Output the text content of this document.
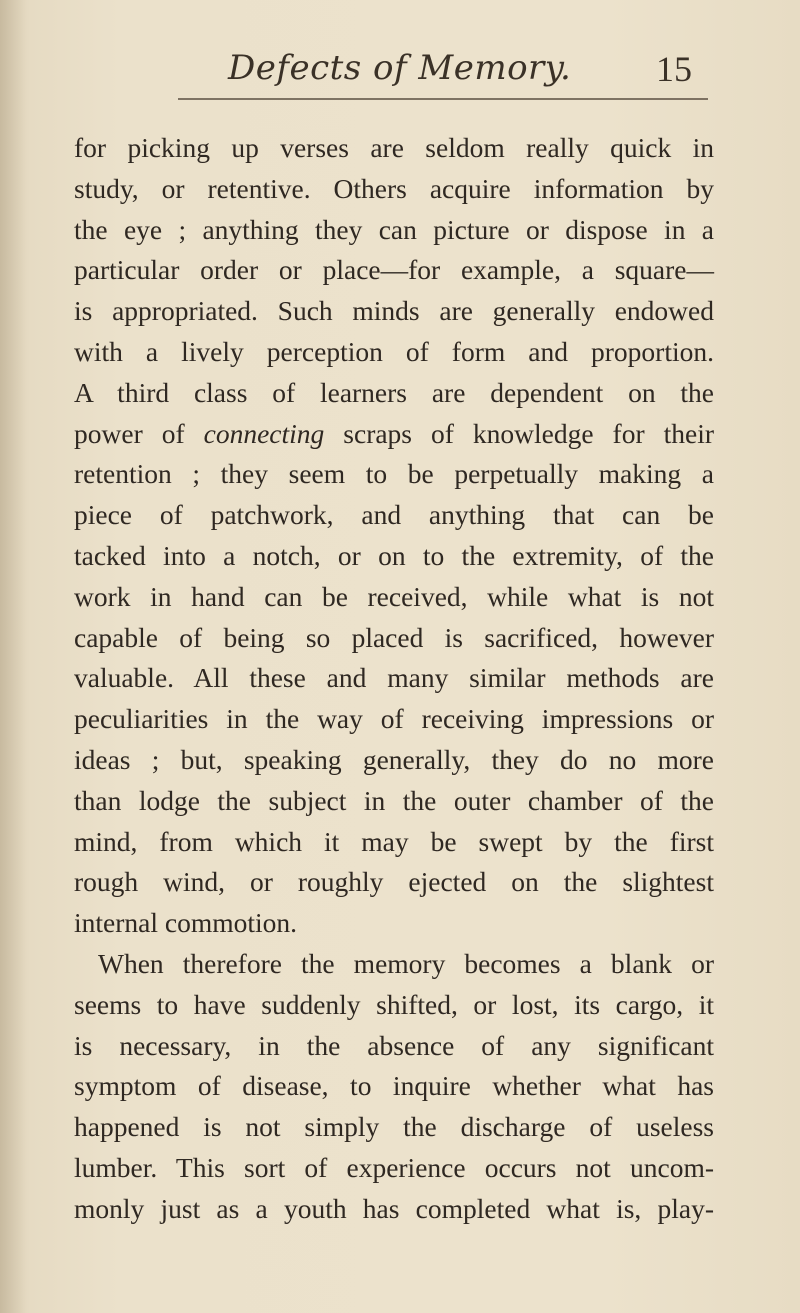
Defects of Memory. 15
for picking up verses are seldom really quick in
study, or retentive. Others acquire information by
the eye ; anything they can picture or dispose in a
particular order or place—for example, a square—
is appropriated. Such minds are generally endowed
with a lively perception of form and proportion.
A third class of learners are dependent on the
power of connecting scraps of knowledge for their
retention ; they seem to be perpetually making a
piece of patchwork, and anything that can be
tacked into a notch, or on to the extremity, of the
work in hand can be received, while what is not
capable of being so placed is sacrificed, however
valuable. All these and many similar methods are
peculiarities in the way of receiving impressions or
ideas ; but, speaking generally, they do no more
than lodge the subject in the outer chamber of the
mind, from which it may be swept by the first
rough wind, or roughly ejected on the slightest
internal commotion.
When therefore the memory becomes a blank or
seems to have suddenly shifted, or lost, its cargo, it
is necessary, in the absence of any significant
symptom of disease, to inquire whether what has
happened is not simply the discharge of useless
lumber. This sort of experience occurs not uncom-
monly just as a youth has completed what is, play-
